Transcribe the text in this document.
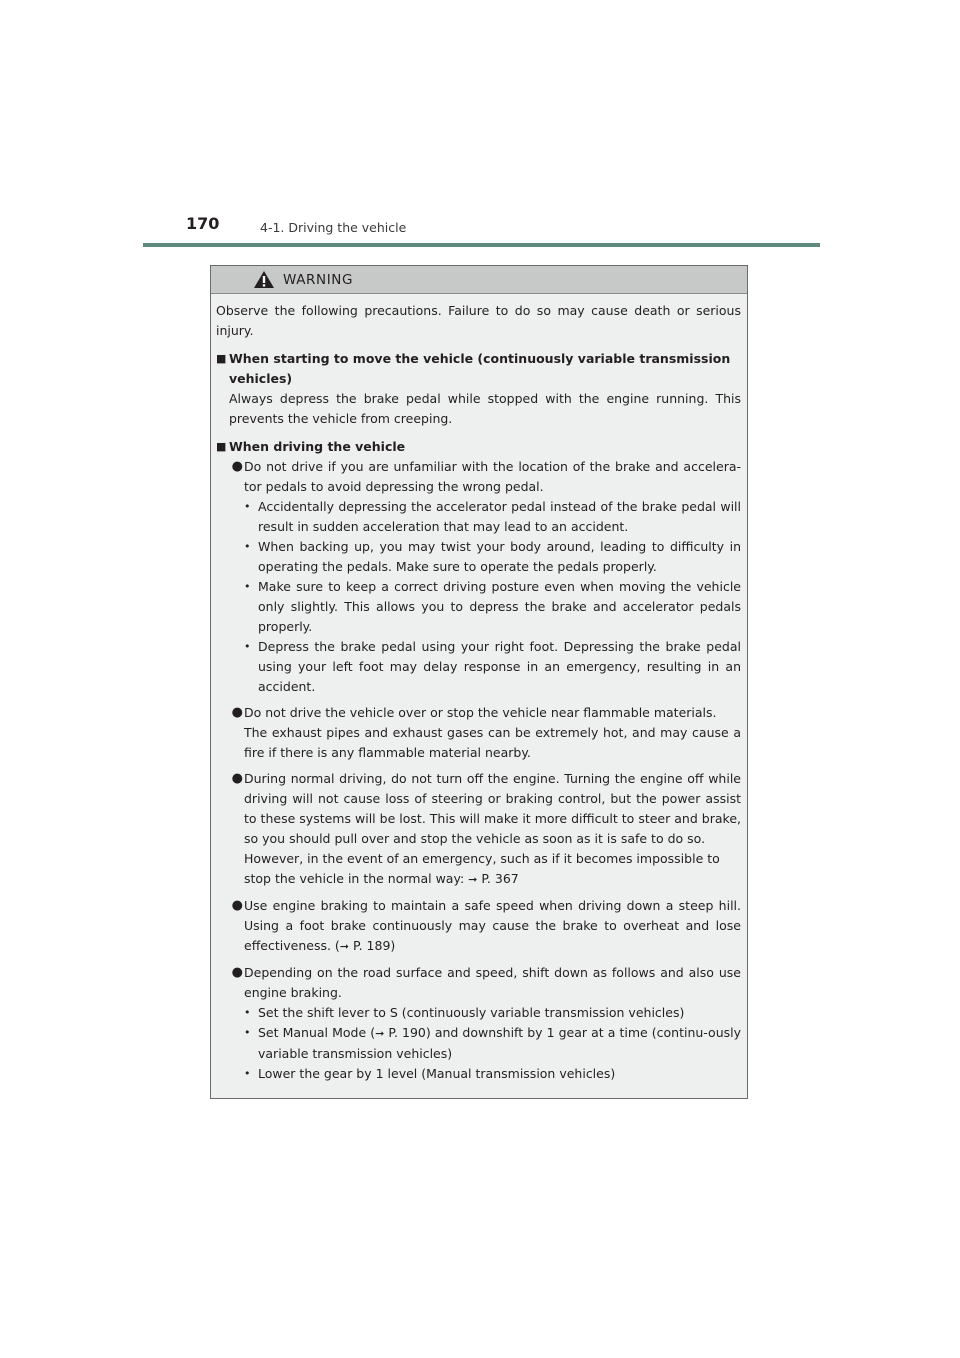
170	4-1. Driving the vehicle
WARNING

Observe the following precautions. Failure to do so may cause death or serious injury.

■ When starting to move the vehicle (continuously variable transmission vehicles)

Always depress the brake pedal while stopped with the engine running. This prevents the vehicle from creeping.

■ When driving the vehicle
● Do not drive if you are unfamiliar with the location of the brake and accelera-tor pedals to avoid depressing the wrong pedal.

• Accidentally depressing the accelerator pedal instead of the brake pedal will result in sudden acceleration that may lead to an accident.

• When backing up, you may twist your body around, leading to difficulty in operating the pedals. Make sure to operate the pedals properly.

• Make sure to keep a correct driving posture even when moving the vehicle only slightly. This allows you to depress the brake and accelerator pedals properly.

• Depress the brake pedal using your right foot. Depressing the brake pedal using your left foot may delay response in an emergency, resulting in an accident.

● Do not drive the vehicle over or stop the vehicle near flammable materials.

The exhaust pipes and exhaust gases can be extremely hot, and may cause a fire if there is any flammable material nearby.

● During normal driving, do not turn off the engine. Turning the engine off while driving will not cause loss of steering or braking control, but the power assist to these systems will be lost. This will make it more difficult to steer and brake, so you should pull over and stop the vehicle as soon as it is safe to do so.

However, in the event of an emergency, such as if it becomes impossible to stop the vehicle in the normal way: ➞ P. 367

● Use engine braking to maintain a safe speed when driving down a steep hill. Using a foot brake continuously may cause the brake to overheat and lose effectiveness. (➞ P. 189)

● Depending on the road surface and speed, shift down as follows and also use engine braking.

• Set the shift lever to S (continuously variable transmission vehicles)

• Set Manual Mode (➞ P. 190) and downshift by 1 gear at a time (continu-ously variable transmission vehicles)

• Lower the gear by 1 level (Manual transmission vehicles)
